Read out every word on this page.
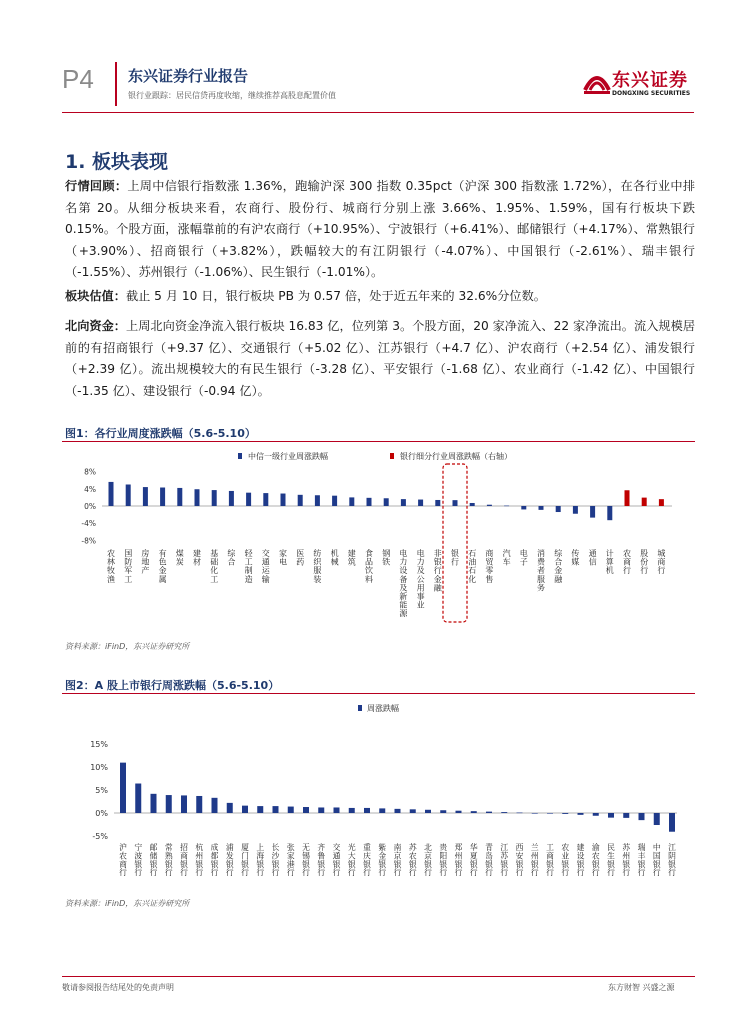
P4 东兴证券行业报告
银行业跟踪：居民信贷再度收缩，继续推荐高股息配置价值
东兴证券
DONGXING SECURITIES
1. 板块表现
行情回顾：上周中信银行指数涨 1.36%，跑输沪深 300 指数 0.35pct（沪深 300 指数涨 1.72%），在各行业中排名第 20。从细分板块来看，农商行、股份行、城商行分别上涨 3.66%、1.95%、1.59%，国有行板块下跌 0.15%。个股方面，涨幅靠前的有沪农商行（+10.95%）、宁波银行（+6.41%）、邮储银行（+4.17%）、常熟银行（+3.90%）、招商银行（+3.82%），跌幅较大的有江阴银行（-4.07%）、中国银行（-2.61%）、瑞丰银行（-1.55%）、苏州银行（-1.06%）、民生银行（-1.01%）。
板块估值：截止 5 月 10 日，银行板块 PB 为 0.57 倍，处于近五年来的 32.6%分位数。
北向资金：上周北向资金净流入银行板块 16.83 亿，位列第 3。个股方面，20 家净流入、22 家净流出。流入规模居前的有招商银行（+9.37 亿）、交通银行（+5.02 亿）、江苏银行（+4.7 亿）、沪农商行（+2.54 亿）、浦发银行（+2.39 亿）。流出规模较大的有民生银行（-3.28 亿）、平安银行（-1.68 亿）、农业商行（-1.42 亿）、中国银行（-1.35 亿）、建设银行（-0.94 亿）。
图1：各行业周度涨跌幅（5.6-5.10）
中信一级行业周涨跌幅	银行细分行业周涨跌幅（右轴）
8%
4%
0%
-4%
-8%
农林牧渔
国防军工
房地产
有色金属
煤炭
建材
基础化工
综合
轻工制造
交通运输
家电
医药
纺织服装
机械
建筑
食品饮料
钢铁
电力设备及新能源
电力及公用事业
非银行金融
银行
石油石化
商贸零售
汽车
电子
消费者服务
综合金融
传媒
通信
计算机
农商行
股份行
城商行
资料来源：iFinD，东兴证券研究所
图2：A 股上市银行周涨跌幅（5.6-5.10）
周涨跌幅
15%
10%
5%
0%
-5%
沪农商行
宁波银行
邮储银行
常熟银行
招商银行
杭州银行
成都银行
浦发银行
厦门银行
上海银行
长沙银行
张家港行
无锡银行
齐鲁银行
交通银行
光大银行
重庆银行
紫金银行
南京银行
苏农银行
北京银行
贵阳银行
郑州银行
华夏银行
青岛银行
江苏银行
西安银行
兰州银行
工商银行
农业银行
建设银行
渝农银行
民生银行
苏州银行
瑞丰银行
中国银行
江阴银行
资料来源：iFinD，东兴证券研究所
敬请参阅报告结尾处的免责声明	东方财智 兴盛之源
